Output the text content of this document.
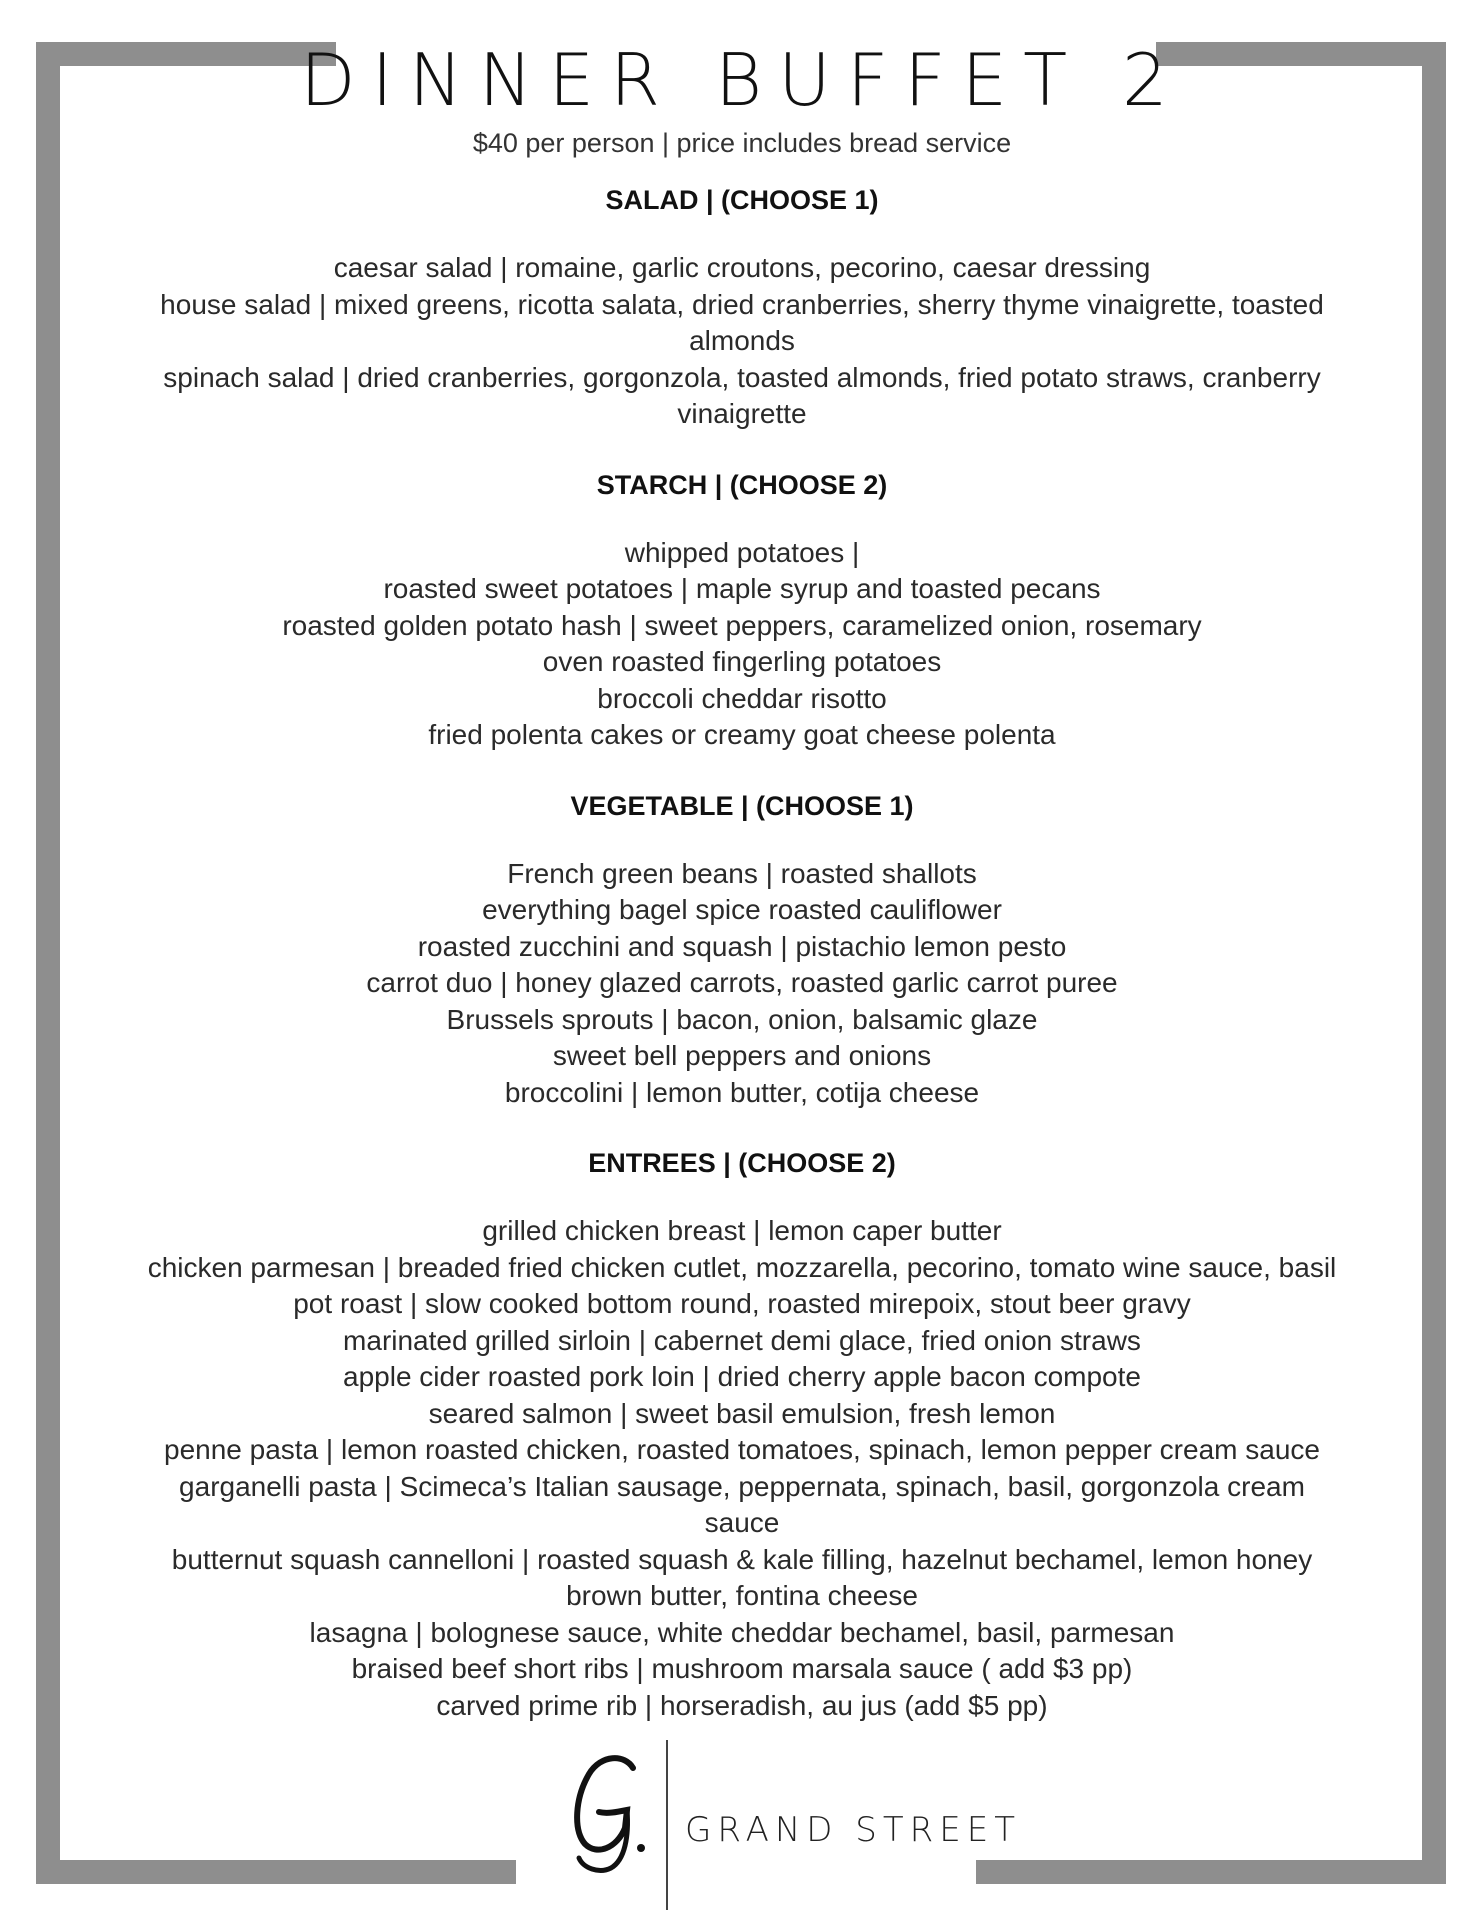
DINNER BUFFET 2
$40 per person | price includes bread service

SALAD | (CHOOSE 1)

caesar salad | romaine, garlic croutons, pecorino, caesar dressing

house salad | mixed greens, ricotta salata, dried cranberries, sherry thyme vinaigrette, toasted almonds

spinach salad | dried cranberries, gorgonzola, toasted almonds, fried potato straws, cranberry vinaigrette

STARCH | (CHOOSE 2)

whipped potatoes |

roasted sweet potatoes | maple syrup and toasted pecans

roasted golden potato hash | sweet peppers, caramelized onion, rosemary

oven roasted fingerling potatoes

broccoli cheddar risotto

fried polenta cakes or creamy goat cheese polenta

VEGETABLE | (CHOOSE 1)

French green beans | roasted shallots

everything bagel spice roasted cauliflower

roasted zucchini and squash | pistachio lemon pesto

carrot duo | honey glazed carrots, roasted garlic carrot puree

Brussels sprouts | bacon, onion, balsamic glaze

sweet bell peppers and onions

broccolini | lemon butter, cotija cheese

ENTREES | (CHOOSE 2)

grilled chicken breast | lemon caper butter

chicken parmesan | breaded fried chicken cutlet, mozzarella, pecorino, tomato wine sauce, basil

pot roast | slow cooked bottom round, roasted mirepoix, stout beer gravy

marinated grilled sirloin | cabernet demi glace, fried onion straws

apple cider roasted pork loin | dried cherry apple bacon compote

seared salmon | sweet basil emulsion, fresh lemon

penne pasta | lemon roasted chicken, roasted tomatoes, spinach, lemon pepper cream sauce

garganelli pasta | Scimeca’s Italian sausage, peppernata, spinach, basil, gorgonzola cream sauce

butternut squash cannelloni | roasted squash & kale filling, hazelnut bechamel, lemon honey brown butter, fontina cheese

lasagna | bolognese sauce, white cheddar bechamel, basil, parmesan

braised beef short ribs | mushroom marsala sauce ( add $3 pp)

carved prime rib | horseradish, au jus (add $5 pp)

GRAND STREET
